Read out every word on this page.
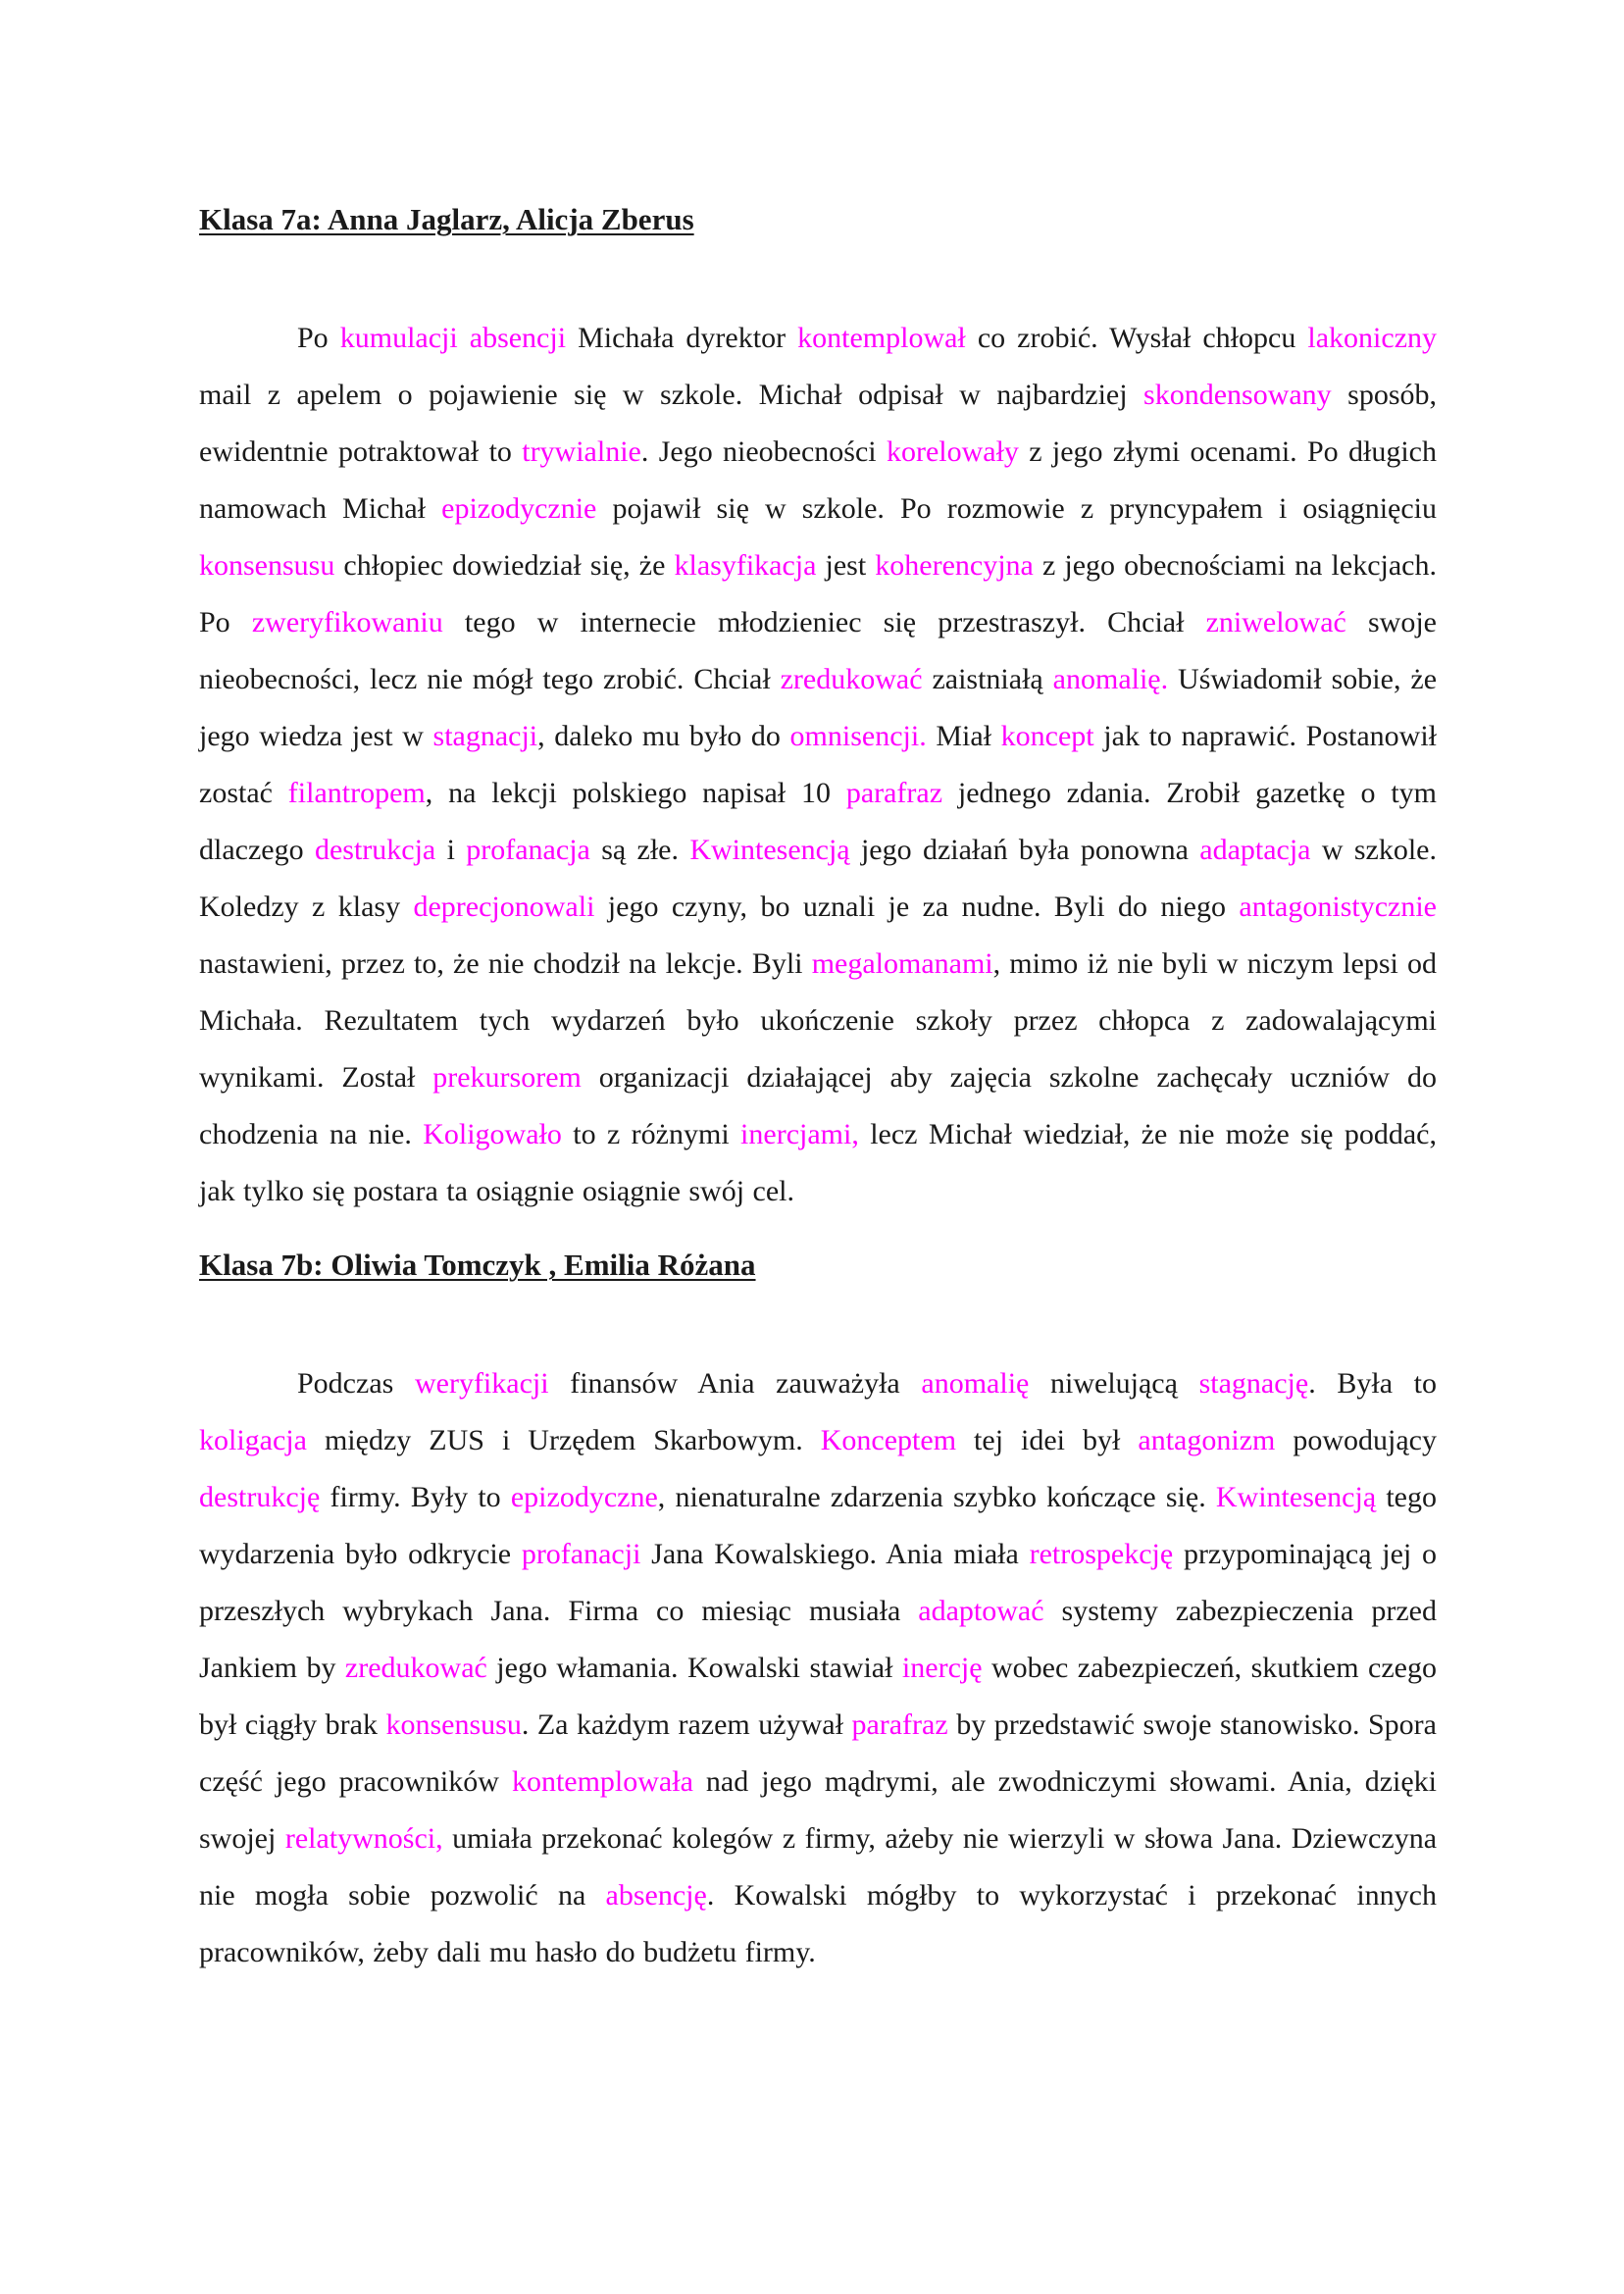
Klasa 7a: Anna Jaglarz, Alicja Zberus

Po kumulacji absencji Michała dyrektor kontemplował co zrobić. Wysłał chłopcu lakoniczny mail z apelem o pojawienie się w szkole. Michał odpisał w najbardziej skondensowany sposób, ewidentnie potraktował to trywialnie. Jego nieobecności korelowały z jego złymi ocenami. Po długich namowach Michał epizodycznie pojawił się w szkole. Po rozmowie z pryncypałem i osiągnięciu konsensusu chłopiec dowiedział się, że klasyfikacja jest koherencyjna z jego obecnościami na lekcjach. Po zweryfikowaniu tego w internecie młodzieniec się przestraszył. Chciał zniwelować swoje nieobecności, lecz nie mógł tego zrobić. Chciał zredukować zaistniałą anomalię. Uświadomił sobie, że jego wiedza jest w stagnacji, daleko mu było do omnisencji. Miał koncept jak to naprawić. Postanowił zostać filantropem, na lekcji polskiego napisał 10 parafraz jednego zdania. Zrobił gazetkę o tym dlaczego destrukcja i profanacja są złe. Kwintesencją jego działań była ponowna adaptacja w szkole. Koledzy z klasy deprecjonowali jego czyny, bo uznali je za nudne. Byli do niego antagonistycznie nastawieni, przez to, że nie chodził na lekcje. Byli megalomanami, mimo iż nie byli w niczym lepsi od Michała. Rezultatem tych wydarzeń było ukończenie szkoły przez chłopca z zadowalającymi wynikami. Został prekursorem organizacji działającej aby zajęcia szkolne zachęcały uczniów do chodzenia na nie. Koligowało to z różnymi inercjami, lecz Michał wiedział, że nie może się poddać, jak tylko się postara ta osiągnie osiągnie swój cel.

Klasa 7b: Oliwia Tomczyk , Emilia Różana

Podczas weryfikacji finansów Ania zauważyła anomalię niwelującą stagnację. Była to koligacja między ZUS i Urzędem Skarbowym. Konceptem tej idei był antagonizm powodujący destrukcję firmy. Były to epizodyczne, nienaturalne zdarzenia szybko kończące się. Kwintesencją tego wydarzenia było odkrycie profanacji Jana Kowalskiego. Ania miała retrospekcję przypominającą jej o przeszłych wybrykach Jana. Firma co miesiąc musiała adaptować systemy zabezpieczenia przed Jankiem by zredukować jego włamania. Kowalski stawiał inercję wobec zabezpieczeń, skutkiem czego był ciągły brak konsensusu. Za każdym razem używał parafraz by przedstawić swoje stanowisko. Spora część jego pracowników kontemplowała nad jego mądrymi, ale zwodniczymi słowami. Ania, dzięki swojej relatywności, umiała przekonać kolegów z firmy, ażeby nie wierzyli w słowa Jana. Dziewczyna nie mogła sobie pozwolić na absencję. Kowalski mógłby to wykorzystać i przekonać innych pracowników, żeby dali mu hasło do budżetu firmy.
